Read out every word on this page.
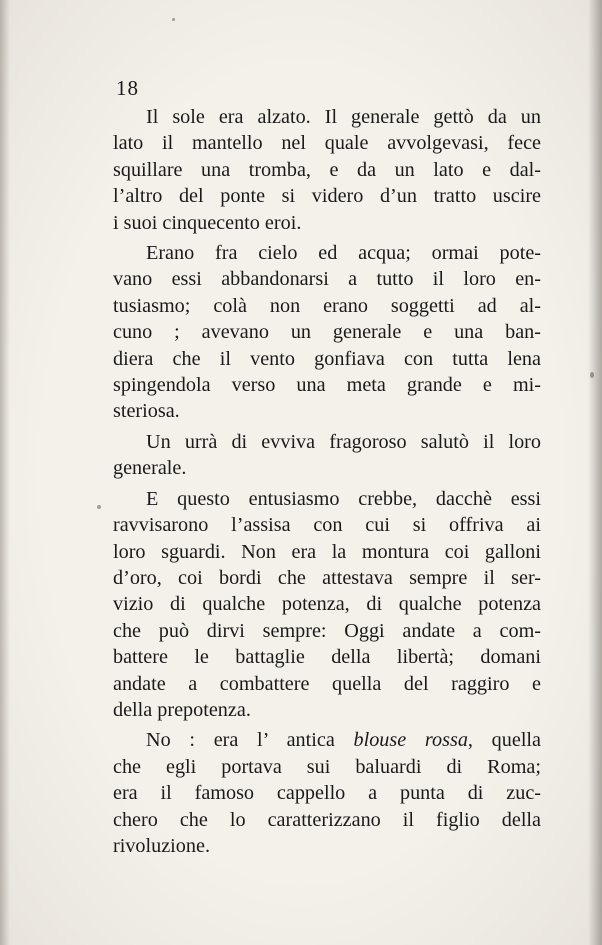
18
Il sole era alzato. Il generale gettò da un
lato il mantello nel quale avvolgevasi, fece
squillare una tromba, e da un lato e dal-
l’altro del ponte si videro d’un tratto uscire
i suoi cinquecento eroi.
Erano fra cielo ed acqua; ormai pote-
vano essi abbandonarsi a tutto il loro en-
tusiasmo; colà non erano soggetti ad al-
cuno ; avevano un generale e una ban-
diera che il vento gonfiava con tutta lena
spingendola verso una meta grande e mi-
steriosa.
Un urrà di evviva fragoroso salutò il loro
generale.
E questo entusiasmo crebbe, dacchè essi
ravvisarono l’assisa con cui si offriva ai
loro sguardi. Non era la montura coi galloni
d’oro, coi bordi che attestava sempre il ser-
vizio di qualche potenza, di qualche potenza
che può dirvi sempre: Oggi andate a com-
battere le battaglie della libertà; domani
andate a combattere quella del raggiro e
della prepotenza.
No : era l’ antica blouse rossa, quella
che egli portava sui baluardi di Roma;
era il famoso cappello a punta di zuc-
chero che lo caratterizzano il figlio della
rivoluzione.
